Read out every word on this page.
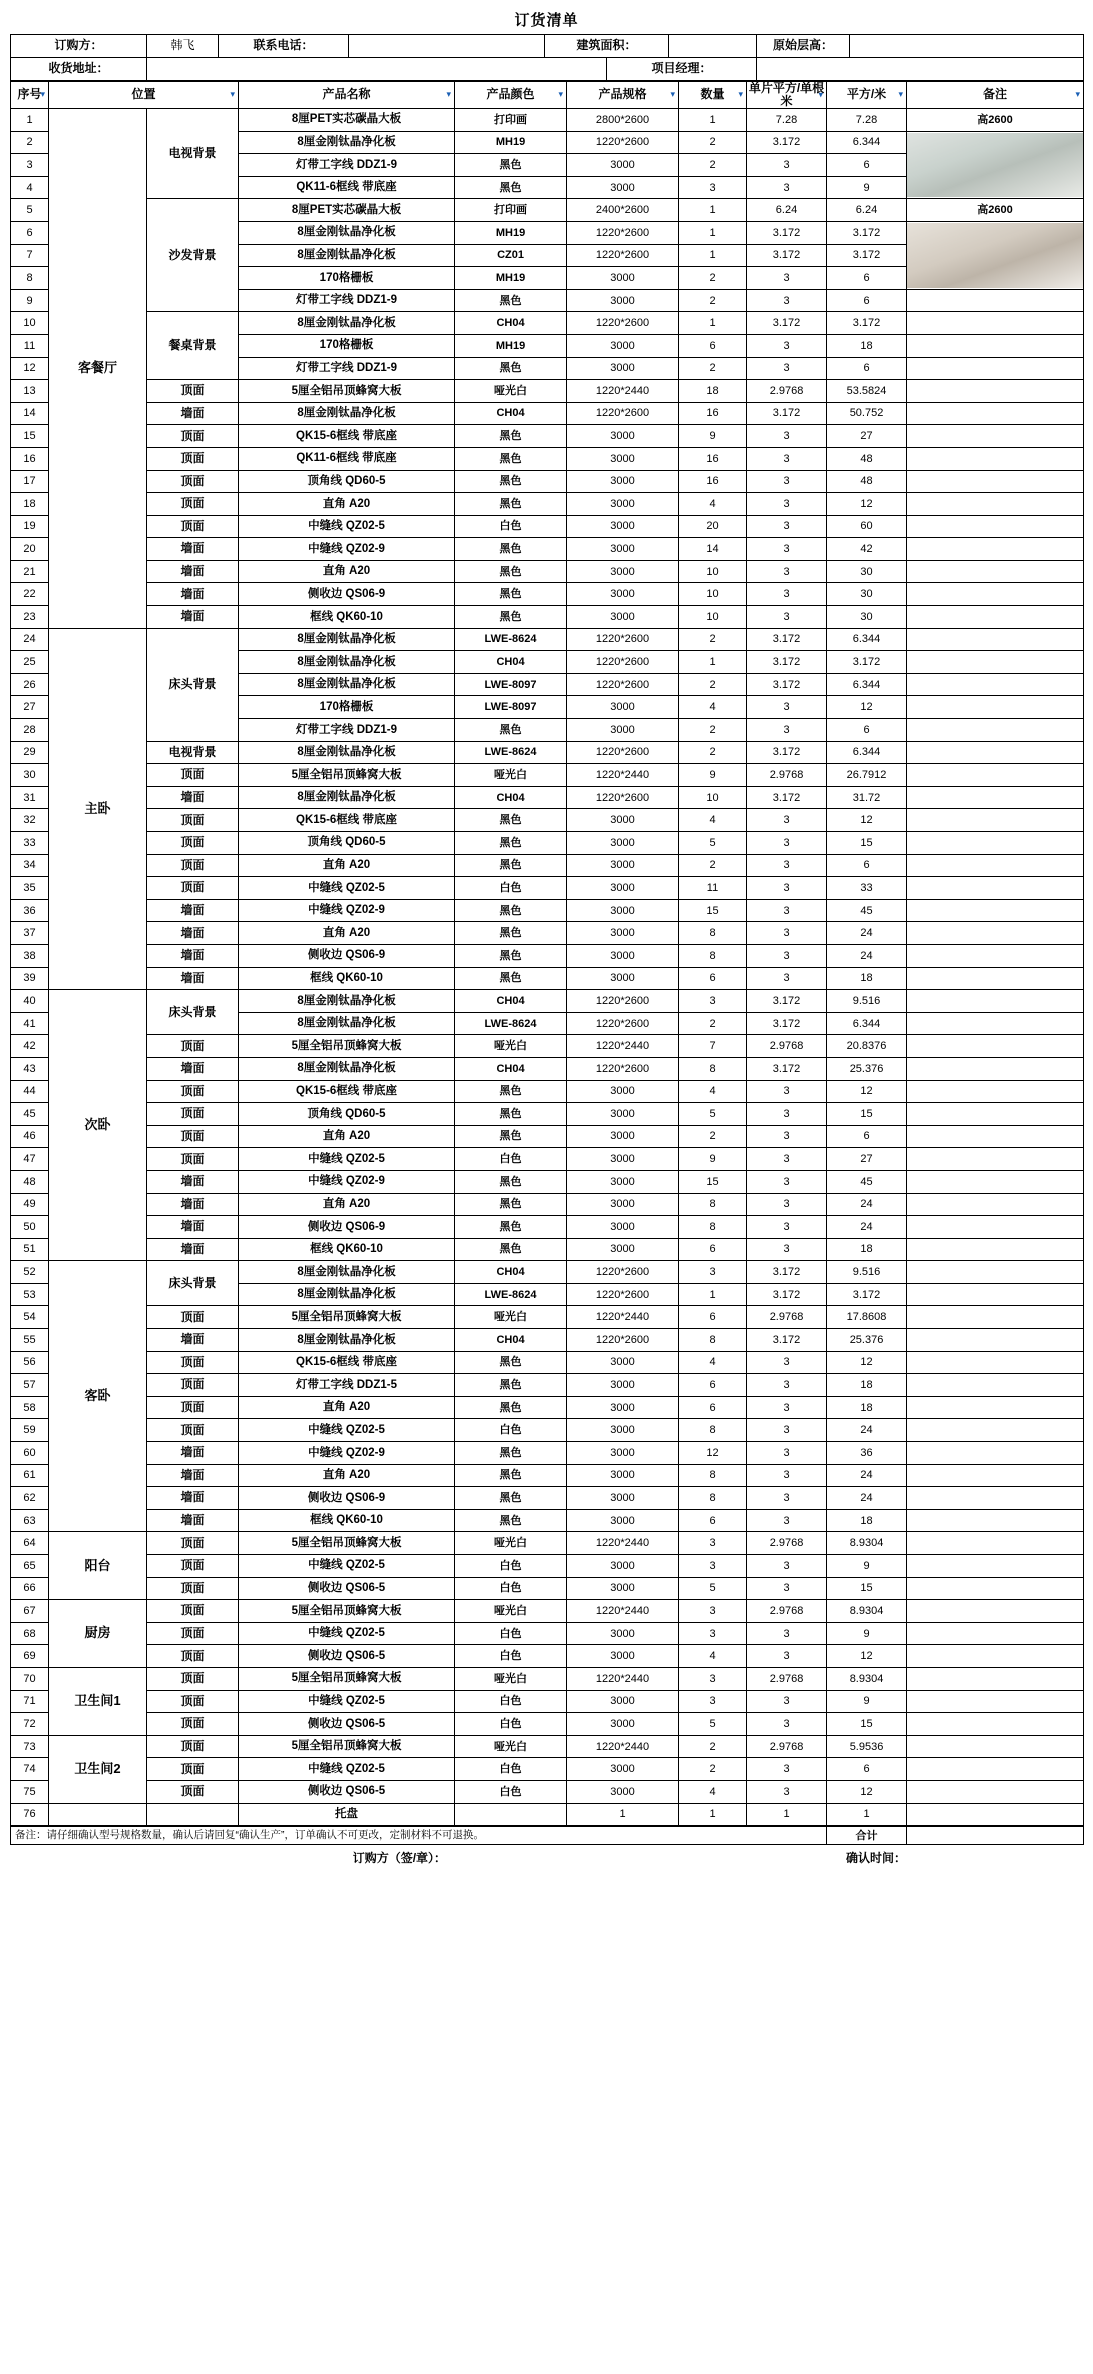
订货清单
订购方：	韩飞	联系电话：		建筑面积：			原始层高：	
收货地址：					项目经理：			
序号 ▾	位置 ▾		产品名称 ▾	产品颜色 ▾	产品规格 ▾	数量 ▾	单片平方/单根米 ▾	平方/米 ▾	备注 ▾
1	客餐厅	电视背景	8厘PET实芯碳晶大板	打印画	2800*2600	1	7.28	7.28	高2600
2			8厘金刚钛晶净化板	MH19	1220*2600	2	3.172	6.344	

3			灯带工字线 DDZ1-9	黑色	3000	2	3	6	
4			QK11-6框线 带底座	黑色	3000	3	3	9	
5		沙发背景	8厘PET实芯碳晶大板	打印画	2400*2600	1	6.24	6.24	高2600
6			8厘金刚钛晶净化板	MH19	1220*2600	1	3.172	3.172	

7			8厘金刚钛晶净化板	CZ01	1220*2600	1	3.172	3.172	
8			170格栅板	MH19	3000	2	3	6	
9			灯带工字线 DDZ1-9	黑色	3000	2	3	6	
10		餐桌背景	8厘金刚钛晶净化板	CH04	1220*2600	1	3.172	3.172	
11			170格栅板	MH19	3000	6	3	18	
12			灯带工字线 DDZ1-9	黑色	3000	2	3	6	
13		顶面	5厘全铝吊顶蜂窝大板	哑光白	1220*2440	18	2.9768	53.5824	
14		墙面	8厘金刚钛晶净化板	CH04	1220*2600	16	3.172	50.752	
15		顶面	QK15-6框线 带底座	黑色	3000	9	3	27	
16		顶面	QK11-6框线 带底座	黑色	3000	16	3	48	
17		顶面	顶角线 QD60-5	黑色	3000	16	3	48	
18		顶面	直角 A20	黑色	3000	4	3	12	
19		顶面	中缝线 QZ02-5	白色	3000	20	3	60	
20		墙面	中缝线 QZ02-9	黑色	3000	14	3	42	
21		墙面	直角 A20	黑色	3000	10	3	30	
22		墙面	侧收边 QS06-9	黑色	3000	10	3	30	
23		墙面	框线 QK60-10	黑色	3000	10	3	30	
24	主卧	床头背景	8厘金刚钛晶净化板	LWE-8624	1220*2600	2	3.172	6.344	
25			8厘金刚钛晶净化板	CH04	1220*2600	1	3.172	3.172	
26			8厘金刚钛晶净化板	LWE-8097	1220*2600	2	3.172	6.344	
27			170格栅板	LWE-8097	3000	4	3	12	
28			灯带工字线 DDZ1-9	黑色	3000	2	3	6	
29		电视背景	8厘金刚钛晶净化板	LWE-8624	1220*2600	2	3.172	6.344	
30		顶面	5厘全铝吊顶蜂窝大板	哑光白	1220*2440	9	2.9768	26.7912	
31		墙面	8厘金刚钛晶净化板	CH04	1220*2600	10	3.172	31.72	
32		顶面	QK15-6框线 带底座	黑色	3000	4	3	12	
33		顶面	顶角线 QD60-5	黑色	3000	5	3	15	
34		顶面	直角 A20	黑色	3000	2	3	6	
35		顶面	中缝线 QZ02-5	白色	3000	11	3	33	
36		墙面	中缝线 QZ02-9	黑色	3000	15	3	45	
37		墙面	直角 A20	黑色	3000	8	3	24	
38		墙面	侧收边 QS06-9	黑色	3000	8	3	24	
39		墙面	框线 QK60-10	黑色	3000	6	3	18	
40	次卧	床头背景	8厘金刚钛晶净化板	CH04	1220*2600	3	3.172	9.516	
41			8厘金刚钛晶净化板	LWE-8624	1220*2600	2	3.172	6.344	
42		顶面	5厘全铝吊顶蜂窝大板	哑光白	1220*2440	7	2.9768	20.8376	
43		墙面	8厘金刚钛晶净化板	CH04	1220*2600	8	3.172	25.376	
44		顶面	QK15-6框线 带底座	黑色	3000	4	3	12	
45		顶面	顶角线 QD60-5	黑色	3000	5	3	15	
46		顶面	直角 A20	黑色	3000	2	3	6	
47		顶面	中缝线 QZ02-5	白色	3000	9	3	27	
48		墙面	中缝线 QZ02-9	黑色	3000	15	3	45	
49		墙面	直角 A20	黑色	3000	8	3	24	
50		墙面	侧收边 QS06-9	黑色	3000	8	3	24	
51		墙面	框线 QK60-10	黑色	3000	6	3	18	
52	客卧	床头背景	8厘金刚钛晶净化板	CH04	1220*2600	3	3.172	9.516	
53			8厘金刚钛晶净化板	LWE-8624	1220*2600	1	3.172	3.172	
54		顶面	5厘全铝吊顶蜂窝大板	哑光白	1220*2440	6	2.9768	17.8608	
55		墙面	8厘金刚钛晶净化板	CH04	1220*2600	8	3.172	25.376	
56		顶面	QK15-6框线 带底座	黑色	3000	4	3	12	
57		顶面	灯带工字线 DDZ1-5	黑色	3000	6	3	18	
58		顶面	直角 A20	黑色	3000	6	3	18	
59		顶面	中缝线 QZ02-5	白色	3000	8	3	24	
60		墙面	中缝线 QZ02-9	黑色	3000	12	3	36	
61		墙面	直角 A20	黑色	3000	8	3	24	
62		墙面	侧收边 QS06-9	黑色	3000	8	3	24	
63		墙面	框线 QK60-10	黑色	3000	6	3	18	
64	阳台	顶面	5厘全铝吊顶蜂窝大板	哑光白	1220*2440	3	2.9768	8.9304	
65		顶面	中缝线 QZ02-5	白色	3000	3	3	9	
66		顶面	侧收边 QS06-5	白色	3000	5	3	15	
67	厨房	顶面	5厘全铝吊顶蜂窝大板	哑光白	1220*2440	3	2.9768	8.9304	
68		顶面	中缝线 QZ02-5	白色	3000	3	3	9	
69		顶面	侧收边 QS06-5	白色	3000	4	3	12	
70	卫生间1	顶面	5厘全铝吊顶蜂窝大板	哑光白	1220*2440	3	2.9768	8.9304	
71		顶面	中缝线 QZ02-5	白色	3000	3	3	9	
72		顶面	侧收边 QS06-5	白色	3000	5	3	15	
73	卫生间2	顶面	5厘全铝吊顶蜂窝大板	哑光白	1220*2440	2	2.9768	5.9536	
74		顶面	中缝线 QZ02-5	白色	3000	2	3	6	
75		顶面	侧收边 QS06-5	白色	3000	4	3	12	
76			托盘		1	1	1	1	
备注：请仔细确认型号规格数量，确认后请回复“确认生产”，订单确认不可更改，定制材料不可退换。	合计	
订购方（签/章）：		确认时间：	
